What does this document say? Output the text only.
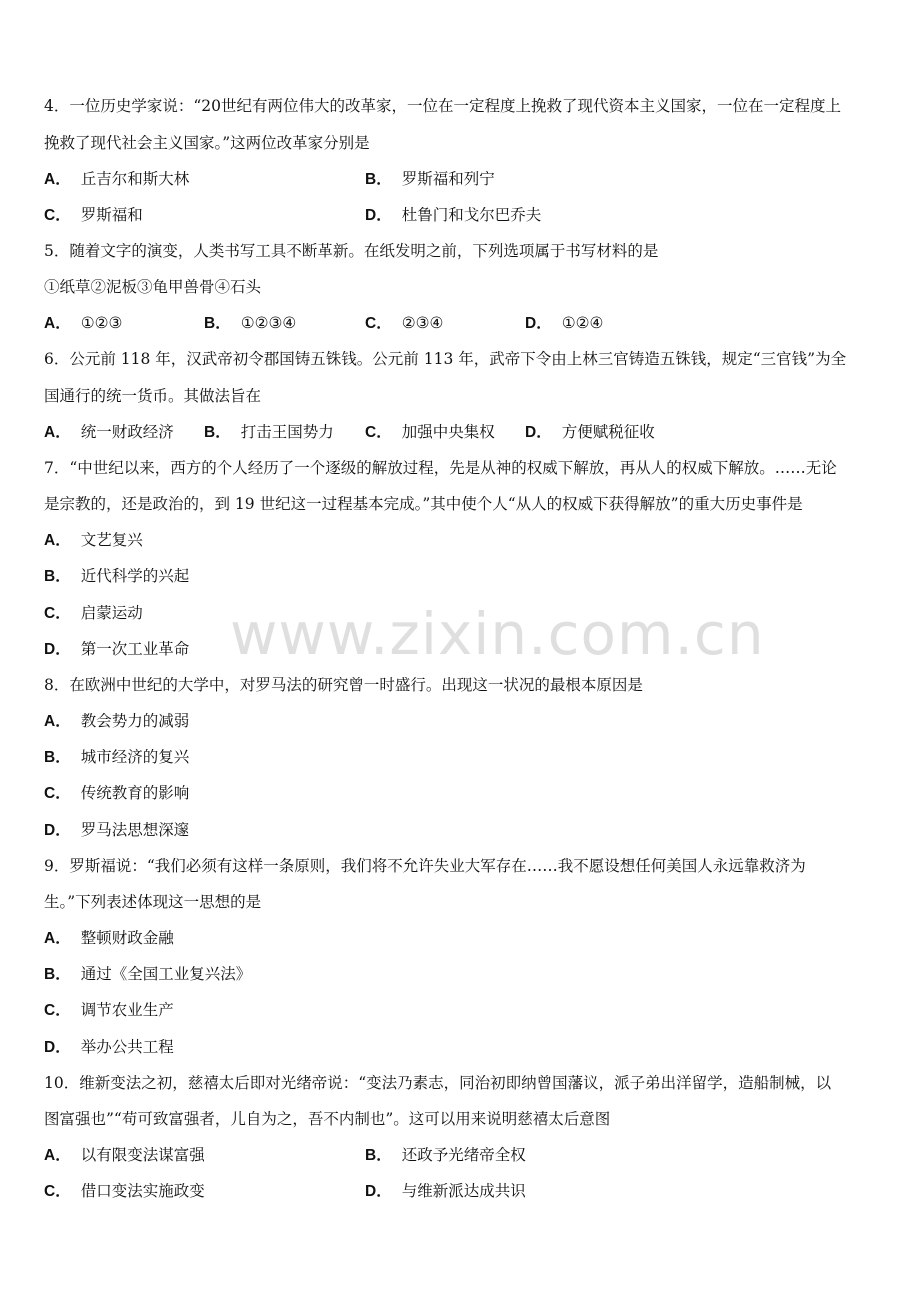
www.zixin.com.cn
4．一位历史学家说：“20世纪有两位伟大的改革家，一位在一定程度上挽救了现代资本主义国家，一位在一定程度上
挽救了现代社会主义国家。”这两位改革家分别是
A． 丘吉尔和斯大林	B． 罗斯福和列宁
C． 罗斯福和	D． 杜鲁门和戈尔巴乔夫
5．随着文字的演变，人类书写工具不断革新。在纸发明之前，下列选项属于书写材料的是
①纸草②泥板③龟甲兽骨④石头
A． ①②③	B． ①②③④	C． ②③④	D． ①②④
6．公元前 118 年，汉武帝初令郡国铸五铢钱。公元前 113 年，武帝下令由上林三官铸造五铢钱，规定“三官钱”为全
国通行的统一货币。其做法旨在
A． 统一财政经济 B． 打击王国势力 C． 加强中央集权 D． 方便赋税征收
7．“中世纪以来，西方的个人经历了一个逐级的解放过程，先是从神的权威下解放，再从人的权威下解放。……无论
是宗教的，还是政治的，到 19 世纪这一过程基本完成。”其中使个人“从人的权威下获得解放”的重大历史事件是
A． 文艺复兴
B． 近代科学的兴起
C． 启蒙运动
D． 第一次工业革命
8．在欧洲中世纪的大学中，对罗马法的研究曾一时盛行。出现这一状况的最根本原因是
A． 教会势力的减弱
B． 城市经济的复兴
C． 传统教育的影响
D． 罗马法思想深邃
9．罗斯福说：“我们必须有这样一条原则，我们将不允许失业大军存在……我不愿设想任何美国人永远靠救济为
生。”下列表述体现这一思想的是
A． 整顿财政金融
B． 通过《全国工业复兴法》
C． 调节农业生产
D． 举办公共工程
10．维新变法之初，慈禧太后即对光绪帝说：“变法乃素志，同治初即纳曾国藩议，派子弟出洋留学，造船制械，以
图富强也”“苟可致富强者，儿自为之，吾不内制也”。这可以用来说明慈禧太后意图
A． 以有限变法谋富强	B． 还政予光绪帝全权
C． 借口变法实施政变	D． 与维新派达成共识
